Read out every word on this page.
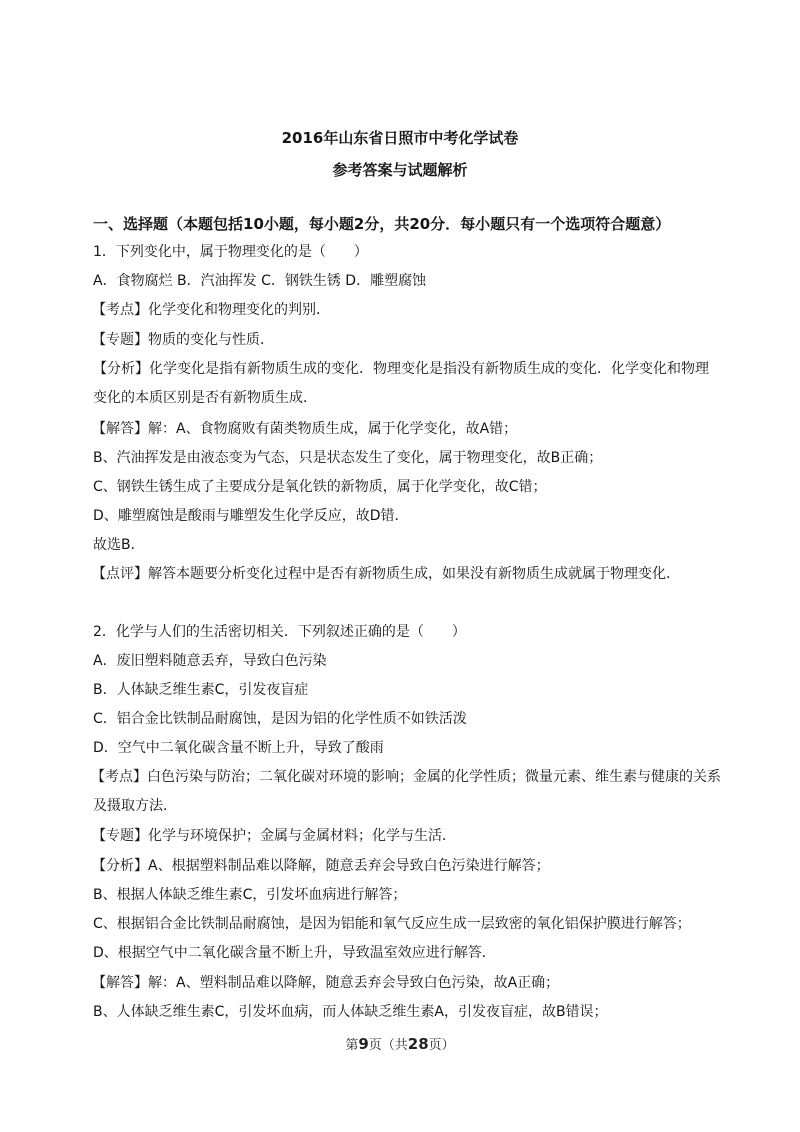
2016年山东省日照市中考化学试卷
参考答案与试题解析
一、选择题（本题包括10小题，每小题2分，共20分．每小题只有一个选项符合题意）
1．下列变化中，属于物理变化的是（　　）
A．食物腐烂 B．汽油挥发 C．钢铁生锈 D．雕塑腐蚀
【考点】化学变化和物理变化的判别．
【专题】物质的变化与性质．
【分析】化学变化是指有新物质生成的变化．物理变化是指没有新物质生成的变化．化学变化和物理
变化的本质区别是否有新物质生成．
【解答】解：A、食物腐败有菌类物质生成，属于化学变化，故A错；
B、汽油挥发是由液态变为气态，只是状态发生了变化，属于物理变化，故B正确；
C、钢铁生锈生成了主要成分是氧化铁的新物质，属于化学变化，故C错；
D、雕塑腐蚀是酸雨与雕塑发生化学反应，故D错．
故选B．
【点评】解答本题要分析变化过程中是否有新物质生成，如果没有新物质生成就属于物理变化．
2．化学与人们的生活密切相关．下列叙述正确的是（　　）
A．废旧塑料随意丢弃，导致白色污染
B．人体缺乏维生素C，引发夜盲症
C．铝合金比铁制品耐腐蚀，是因为铝的化学性质不如铁活泼
D．空气中二氧化碳含量不断上升，导致了酸雨
【考点】白色污染与防治；二氧化碳对环境的影响；金属的化学性质；微量元素、维生素与健康的关系
及摄取方法．
【专题】化学与环境保护；金属与金属材料；化学与生活．
【分析】A、根据塑料制品难以降解，随意丢弃会导致白色污染进行解答；
B、根据人体缺乏维生素C，引发坏血病进行解答；
C、根据铝合金比铁制品耐腐蚀，是因为铝能和氧气反应生成一层致密的氧化铝保护膜进行解答；
D、根据空气中二氧化碳含量不断上升，导致温室效应进行解答．
【解答】解：A、塑料制品难以降解，随意丢弃会导致白色污染，故A正确；
B、人体缺乏维生素C，引发坏血病，而人体缺乏维生素A，引发夜盲症，故B错误；
第9页（共28页）
